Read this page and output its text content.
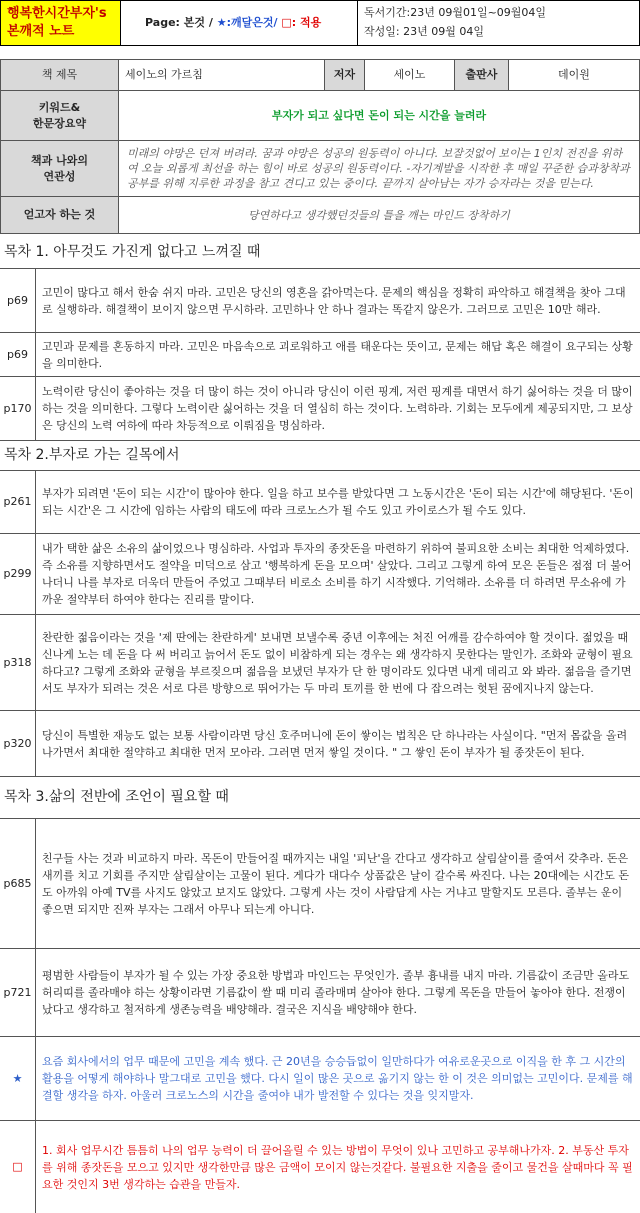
행복한시간부자's
본깨적 노트
Page: 본것 /
★:깨달은것/
□: 적용
독서기간:23년 09월01일~09월04일
작성일: 23년 09월 04일
책 제목	세이노의 가르침	저자	세이노	출판사	데이원

키워드&
한문장요약	부자가 되고 싶다면 돈이 되는 시간을 늘려라				

책과 나와의
연관성	미래의 야망은 던져 버려라. 꿈과 야망은 성공의 원동력이 아니다. 보잘것없어 보이는 1인치 전진을 위하여 오늘 외롭게 최선을 하는 힘이 바로 성공의 원동력이다. -자기계발을 시작한 후 매일 꾸준한 습과창착과 공부를 위해 지루한 과정을 참고 견디고 있는 중이다. 끝까지 살아남는 자가 승자라는 것을 믿는다.				
얻고자 하는 것	당연하다고 생각했던것들의 틀을 깨는 마인드 장착하기				
목차 1. 아무것도 가진게 없다고 느껴질 때
p69
고민이 많다고 해서 한숨 쉬지 마라. 고민은 당신의 영혼을 갉아먹는다. 문제의 핵심을 정확히 파악하고 해결책을 찾아 그대로 실행하라. 해결책이 보이지 않으면 무시하라. 고민하나 안 하나 결과는 똑같지 않은가. 그러므로 고민은 10만 해라.
p69
고민과 문제를 혼동하지 마라. 고민은 마음속으로 괴로워하고 애를 태운다는 뜻이고, 문제는 해답 혹은 해결이 요구되는 상황을 의미한다.
p170
노력이란 당신이 좋아하는 것을 더 많이 하는 것이 아니라 당신이 이런 핑계, 저런 핑계를 대면서 하기 싫어하는 것을 더 많이 하는 것을 의미한다. 그렇다 노력이란 싫어하는 것을 더 열심히 하는 것이다. 노력하라. 기회는 모두에게 제공되지만, 그 보상은 당신의 노력 여하에 따라 차등적으로 이뤄짐을 명심하라.
목차 2.부자로 가는 길목에서
p261
부자가 되려면 '돈이 되는 시간'이 많아야 한다. 일을 하고 보수를 받았다면 그 노동시간은 '돈이 되는 시간'에 해당된다. '돈이 되는 시간'은 그 시간에 임하는 사람의 태도에 따라 크로노스가 될 수도 있고 카이로스가 될 수도 있다.
p299
내가 택한 삶은 소유의 삶이었으나 명심하라. 사업과 투자의 종잣돈을 마련하기 위하여 불피요한 소비는 최대한 억제하였다. 즉 소유를 지향하면서도 절약을 미덕으로 삼고 '행복하게 돈을 모으며' 살았다. 그리고 그렇게 하여 모은 돈들은 점점 더 불어나더니 나를 부자로 더욱더 만들어 주었고 그때부터 비로소 소비를 하기 시작했다. 기억해라. 소유를 더 하려면 무소유에 가까운 절약부터 하여야 한다는 진리를 말이다.
p318
찬란한 젊음이라는 것을 '제 딴에는 찬란하게' 보내면 보낼수록 중년 이후에는 처진 어깨를 감수하여야 할 것이다. 젊었을 때 신나게 노는 데 돈을 다 써 버리고 늙어서 돈도 없이 비참하게 되는 경우는 왜 생각하지 못한다는 말인가. 조화와 균형이 필요하다고? 그렇게 조화와 균형을 부르짖으며 젊음을 보냈던 부자가 단 한 명이라도 있다면 내게 데리고 와 봐라. 젊음을 즐기면서도 부자가 되려는 것은 서로 다른 방향으로 뛰어가는 두 마리 토끼를 한 번에 다 잡으려는 헛된 꿈에지나지 않는다.
p320
당신이 특별한 재능도 없는 보통 사람이라면 당신 호주머니에 돈이 쌓이는 법칙은 단 하나라는 사실이다. "먼저 몸값을 올려 나가면서 최대한 절약하고 최대한 먼저 모아라. 그러면 먼저 쌓일 것이다. " 그 쌓인 돈이 부자가 될 종잣돈이 된다.
목차 3.삶의 전반에 조언이 필요할 때
p685
친구들 사는 것과 비교하지 마라. 목돈이 만들어질 때까지는 내일 '피난'을 간다고 생각하고 살림살이를 줄여서 갖추라. 돈은 새끼를 치고 기회를 주지만 살림살이는 고물이 된다. 게다가 대다수 상품값은 날이 갈수록 싸진다. 나는 20대에는 시간도 돈도 아까워 아예 TV를 사지도 않았고 보지도 않았다. 그렇게 사는 것이 사람답게 사는 거냐고 말할지도 모른다. 졸부는 운이 좋으면 되지만 진짜 부자는 그래서 아무나 되는게 아니다.
p721
평범한 사람들이 부자가 될 수 있는 가장 중요한 방법과 마인드는 무엇인가. 졸부 흉내를 내지 마라. 기름값이 조금만 올라도 허리띠를 졸라매야 하는 상황이라면 기름값이 쌀 때 미리 졸라매며 살아야 한다. 그렇게 목돈을 만들어 놓아야 한다. 전쟁이 났다고 생각하고 철저하게 생존능력을 배양해라. 결국은 지식을 배양해야 한다.
★
요즘 회사에서의 업무 때문에 고민을 계속 했다. 근 20년을 승승듭없이 일만하다가 여유로운곳으로 이직을 한 후 그 시간의 활용을 어떻게 해야하나 말그대로 고민을 했다. 다시 일이 많은 곳으로 옮기지 않는 한 이 것은 의미없는 고민이다. 문제를 해결할 생각을 하자. 아울러 크로노스의 시간을 줄여야 내가 발전할 수 있다는 것을 잊지말자.
□
1. 회사 업무시간 틈틈히 나의 업무 능력이 더 끌어올릴 수 있는 방법이 무엇이 있나 고민하고 공부해나가자. 2. 부동산 투자를 위해 종잣돈을 모으고 있지만 생각한만큼 많은 금액이 모이지 않는것같다. 불필요한 지출을 줄이고 물건을 살때마다 꼭 필요한 것인지 3번 생각하는 습관을 만들자.
